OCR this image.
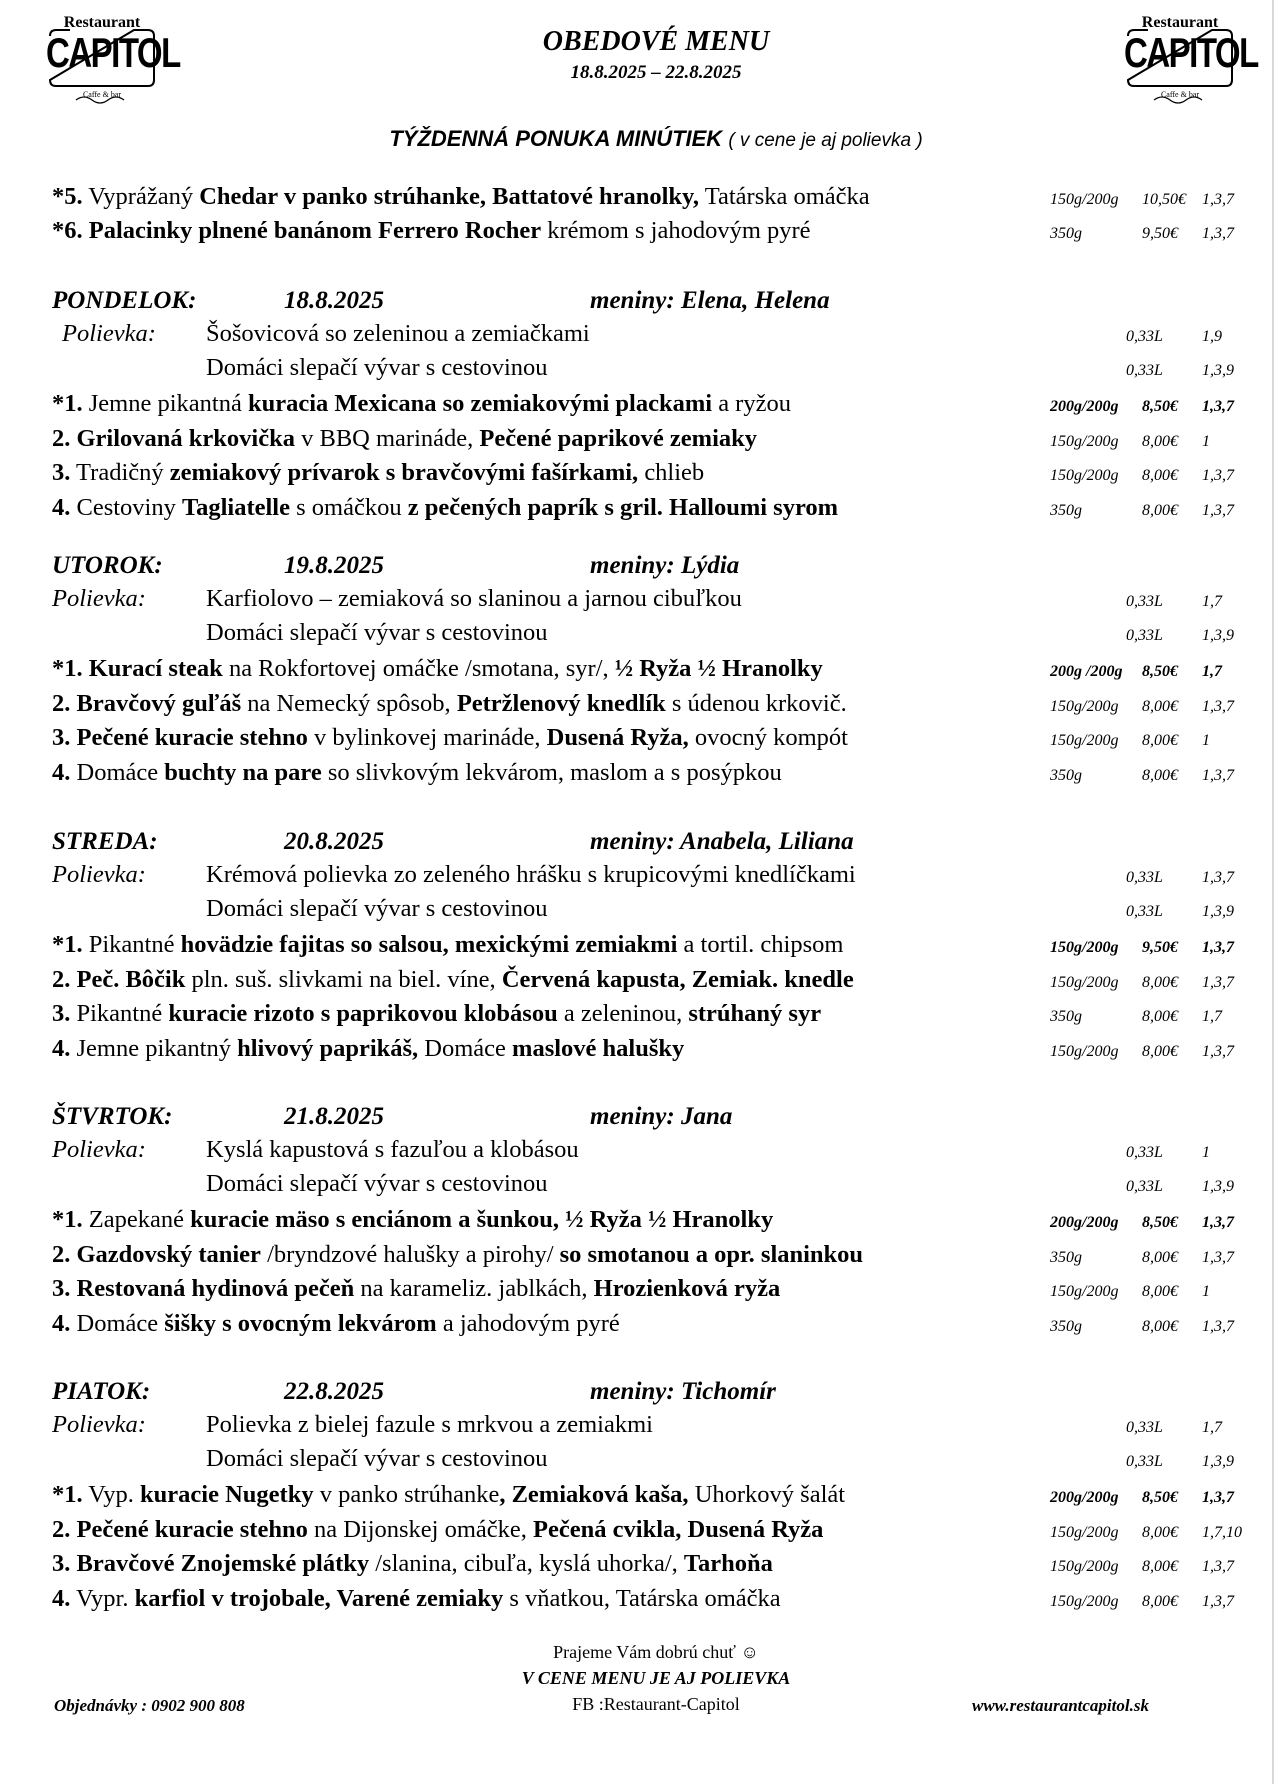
Restaurant
CAPITOL
Caffe & bar
Restaurant
CAPITOL
Caffe & bar
OBEDOVÉ MENU
18.8.2025 – 22.8.2025
TÝŽDENNÁ PONUKA MINÚTIEK ( v cene je aj polievka )
*5. Vyprážaný Chedar v panko strúhanke, Battatové hranolky, Tatárska omáčka	150g/200g 10,50€ 1,3,7
*6. Palacinky plnené banánom Ferrero Rocher krémom s jahodovým pyré	350g	9,50€ 1,3,7
PONDELOK:	18.8.2025	meniny: Elena, Helena
Polievka: Šošovicová so zeleninou a zemiačkami	0,33L 1,9
Domáci slepačí vývar s cestovinou	0,33L 1,3,9
*1. Jemne pikantná kuracia Mexicana so zemiakovými plackami a ryžou	200g/200g 8,50€ 1,3,7
2. Grilovaná krkovička v BBQ marináde, Pečené paprikové zemiaky	150g/200g 8,00€ 1
3. Tradičný zemiakový prívarok s bravčovými fašírkami, chlieb	150g/200g 8,00€ 1,3,7
4. Cestoviny Tagliatelle s omáčkou z pečených paprík s gril. Halloumi syrom	350g	8,00€ 1,3,7
UTOROK:	19.8.2025	meniny: Lýdia
Polievka: Karfiolovo – zemiaková so slaninou a jarnou cibuľkou	0,33L 1,7
Domáci slepačí vývar s cestovinou	0,33L 1,3,9
*1. Kurací steak na Rokfortovej omáčke /smotana, syr/, ½ Ryža ½ Hranolky	200g /200g 8,50€ 1,7
2. Bravčový guľáš na Nemecký spôsob, Petržlenový knedlík s údenou krkovič.	150g/200g 8,00€ 1,3,7
3. Pečené kuracie stehno v bylinkovej marináde, Dusená Ryža, ovocný kompót	150g/200g 8,00€ 1
4. Domáce buchty na pare so slivkovým lekvárom, maslom a s posýpkou	350g	8,00€ 1,3,7
STREDA:	20.8.2025	meniny: Anabela, Liliana
Polievka: Krémová polievka zo zeleného hrášku s krupicovými knedlíčkami	0,33L 1,3,7
Domáci slepačí vývar s cestovinou	0,33L 1,3,9
*1. Pikantné hovädzie fajitas so salsou, mexickými zemiakmi a tortil. chipsom	150g/200g 9,50€ 1,3,7
2. Peč. Bôčik pln. suš. slivkami na biel. víne, Červená kapusta, Zemiak. knedle	150g/200g 8,00€ 1,3,7
3. Pikantné kuracie rizoto s paprikovou klobásou a zeleninou, strúhaný syr	350g	8,00€ 1,7
4. Jemne pikantný hlivový paprikáš, Domáce maslové halušky	150g/200g 8,00€ 1,3,7
ŠTVRTOK:	21.8.2025	meniny: Jana
Polievka: Kyslá kapustová s fazuľou a klobásou	0,33L 1
Domáci slepačí vývar s cestovinou	0,33L 1,3,9
*1. Zapekané kuracie mäso s enciánom a šunkou, ½ Ryža ½ Hranolky	200g/200g 8,50€ 1,3,7
2. Gazdovský tanier /bryndzové halušky a pirohy/ so smotanou a opr. slaninkou	350g	8,00€ 1,3,7
3. Restovaná hydinová pečeň na karameliz. jablkách, Hrozienková ryža	150g/200g 8,00€ 1
4. Domáce šišky s ovocným lekvárom a jahodovým pyré	350g	8,00€ 1,3,7
PIATOK:	22.8.2025	meniny: Tichomír
Polievka: Polievka z bielej fazule s mrkvou a zemiakmi	0,33L 1,7
Domáci slepačí vývar s cestovinou	0,33L 1,3,9
*1. Vyp. kuracie Nugetky v panko strúhanke, Zemiaková kaša, Uhorkový šalát	200g/200g 8,50€ 1,3,7
2. Pečené kuracie stehno na Dijonskej omáčke, Pečená cvikla, Dusená Ryža	150g/200g 8,00€ 1,7,10
3. Bravčové Znojemské plátky /slanina, cibuľa, kyslá uhorka/, Tarhoňa	150g/200g 8,00€ 1,3,7
4. Vypr. karfiol v trojobale, Varené zemiaky s vňatkou, Tatárska omáčka	150g/200g 8,00€ 1,3,7
Prajeme Vám dobrú chuť ☺
V CENE MENU JE AJ POLIEVKA
FB :Restaurant-Capitol
Objednávky : 0902 900 808	www.restaurantcapitol.sk
